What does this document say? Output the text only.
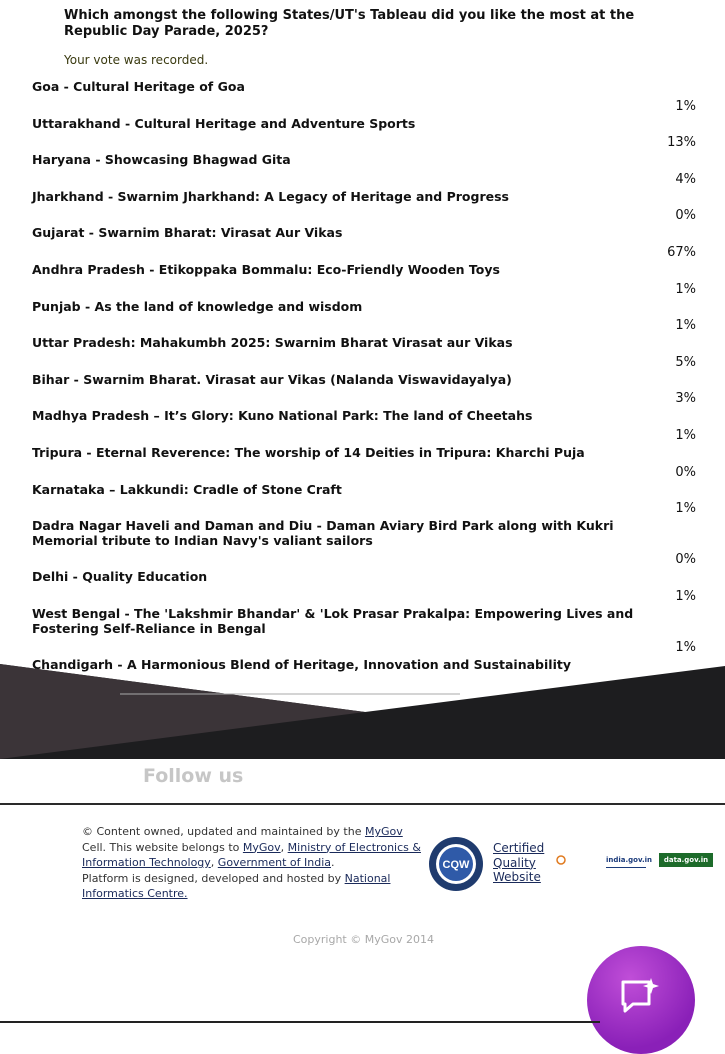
Which amongst the following States/UT's Tableau did you like the most at the Republic Day Parade, 2025?
Your vote was recorded.
Goa - Cultural Heritage of Goa
1%
Uttarakhand - Cultural Heritage and Adventure Sports
13%
Haryana - Showcasing Bhagwad Gita
4%
Jharkhand - Swarnim Jharkhand: A Legacy of Heritage and Progress
0%
Gujarat - Swarnim Bharat: Virasat Aur Vikas
67%
Andhra Pradesh - Etikoppaka Bommalu: Eco-Friendly Wooden Toys
1%
Punjab - As the land of knowledge and wisdom
1%
Uttar Pradesh: Mahakumbh 2025: Swarnim Bharat Virasat aur Vikas
5%
Bihar - Swarnim Bharat. Virasat aur Vikas (Nalanda Viswavidayalya)
3%
Madhya Pradesh – It’s Glory: Kuno National Park: The land of Cheetahs
1%
Tripura - Eternal Reverence: The worship of 14 Deities in Tripura: Kharchi Puja
0%
Karnataka – Lakkundi: Cradle of Stone Craft
1%
Dadra Nagar Haveli and Daman and Diu - Daman Aviary Bird Park along with Kukri Memorial tribute to Indian Navy's valiant sailors
0%
Delhi - Quality Education
1%
West Bengal - The 'Lakshmir Bhandar' & 'Lok Prasar Prakalpa: Empowering Lives and Fostering Self-Reliance in Bengal
1%
Chandigarh - A Harmonious Blend of Heritage, Innovation and Sustainability
Follow us
© Content owned, updated and maintained by the MyGov Cell. This website belongs to MyGov, Ministry of Electronics & Information Technology, Government of India.
Platform is designed, developed and hosted by National Informatics Centre.
CQW
Certified
Quality
Website
india.gov.in	data.gov.in
Copyright © MyGov 2014
